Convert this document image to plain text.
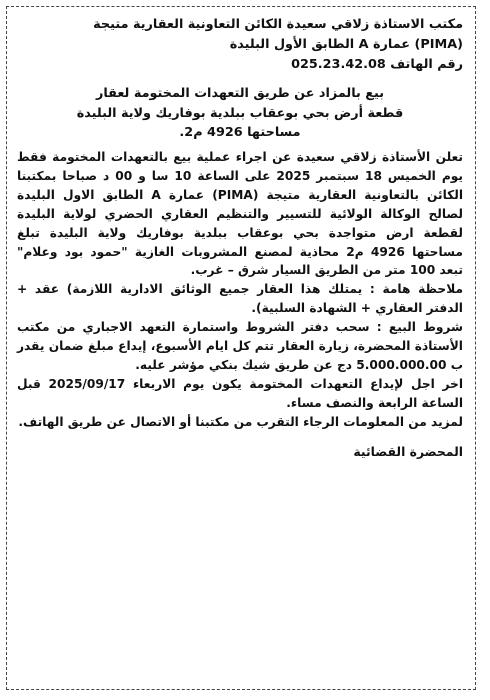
مكتب الاستاذة زلاقي سعيدة الكائن التعاونية العقارية متيجة

(PIMA) عمارة A الطابق الأول البليدة

رقم الهاتف 025.23.42.08

بيع بالمزاد عن طريق التعهدات المختومة لعقار

قطعة أرض بحي بوعقاب ببلدية بوفاريك ولاية البليدة

مساحتها 4926 م2.

تعلن الأستاذة زلاقي سعيدة عن اجراء عملية بيع بالتعهدات المختومة فقط يوم الخميس 18 سبتمبر 2025 على الساعة 10 سا و 00 د صباحا بمكتبنا الكائن بالتعاونية العقارية متيجة (PIMA) عمارة A الطابق الاول البليدة لصالح الوكالة الولائية للتسيير والتنظيم العقاري الحضري لولاية البليدة لقطعة ارض متواجدة بحي بوعقاب ببلدية بوفاريك ولاية البليدة تبلغ مساحتها 4926 م2 محاذية لمصنع المشروبات الغازية "حمود بود وعلام" تبعد 100 متر من الطريق السيار شرق – غرب.

ملاحظة هامة : يمتلك هذا العقار جميع الوثائق الادارية اللازمة) عقد + الدفتر العقاري + الشهادة السلبية).

شروط البيع : سحب دفتر الشروط واستمارة التعهد الاجباري من مكتب الأستاذة المحضرة، زيارة العقار تتم كل ايام الأسبوع، إيداع مبلغ ضمان يقدر ب 5.000.000.00 دج عن طريق شيك بنكي مؤشر عليه.

اخر اجل لإيداع التعهدات المختومة يكون يوم الاربعاء 2025/09/17 قبل الساعة الرابعة والنصف مساء.

لمزيد من المعلومات الرجاء التقرب من مكتبنا أو الاتصال عن طريق الهاتف.

المحضرة القضائية
